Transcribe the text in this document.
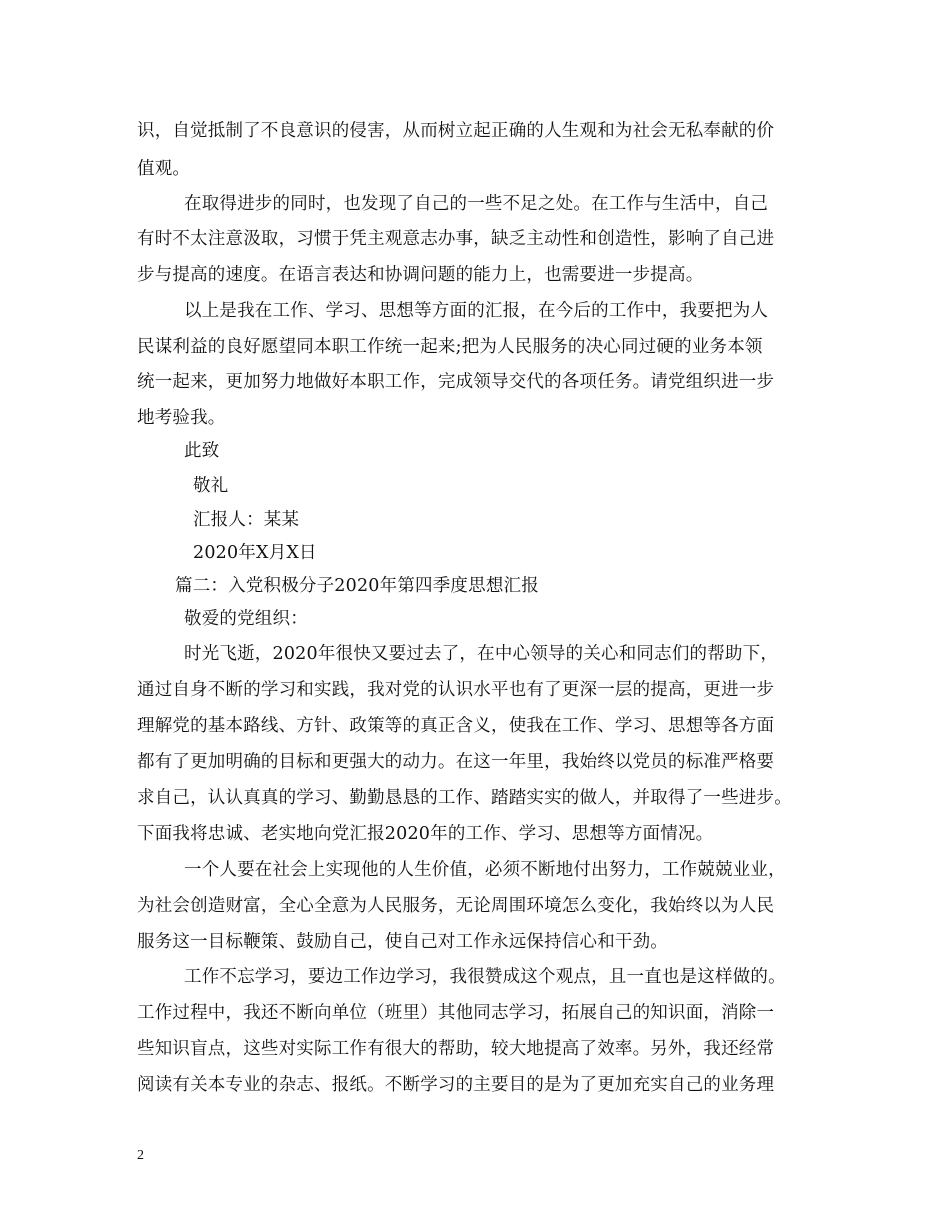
识，自觉抵制了不良意识的侵害，从而树立起正确的人生观和为社会无私奉献的价
值观。
在取得进步的同时，也发现了自己的一些不足之处。在工作与生活中，自己
有时不太注意汲取，习惯于凭主观意志办事，缺乏主动性和创造性，影响了自己进
步与提高的速度。在语言表达和协调问题的能力上，也需要进一步提高。
以上是我在工作、学习、思想等方面的汇报，在今后的工作中，我要把为人
民谋利益的良好愿望同本职工作统一起来;把为人民服务的决心同过硬的业务本领
统一起来，更加努力地做好本职工作，完成领导交代的各项任务。请党组织进一步
地考验我。
此致
敬礼
汇报人：某某
2020年X月X日
篇二：入党积极分子2020年第四季度思想汇报
敬爱的党组织：
时光飞逝，2020年很快又要过去了，在中心领导的关心和同志们的帮助下，
通过自身不断的学习和实践，我对党的认识水平也有了更深一层的提高，更进一步
理解党的基本路线、方针、政策等的真正含义，使我在工作、学习、思想等各方面
都有了更加明确的目标和更强大的动力。在这一年里，我始终以党员的标准严格要
求自己，认认真真的学习、勤勤恳恳的工作、踏踏实实的做人，并取得了一些进步。
下面我将忠诚、老实地向党汇报2020年的工作、学习、思想等方面情况。
一个人要在社会上实现他的人生价值，必须不断地付出努力，工作兢兢业业，
为社会创造财富，全心全意为人民服务，无论周围环境怎么变化，我始终以为人民
服务这一目标鞭策、鼓励自己，使自己对工作永远保持信心和干劲。
工作不忘学习，要边工作边学习，我很赞成这个观点，且一直也是这样做的。
工作过程中，我还不断向单位（班里）其他同志学习，拓展自己的知识面，消除一
些知识盲点，这些对实际工作有很大的帮助，较大地提高了效率。另外，我还经常
阅读有关本专业的杂志、报纸。不断学习的主要目的是为了更加充实自己的业务理
2
